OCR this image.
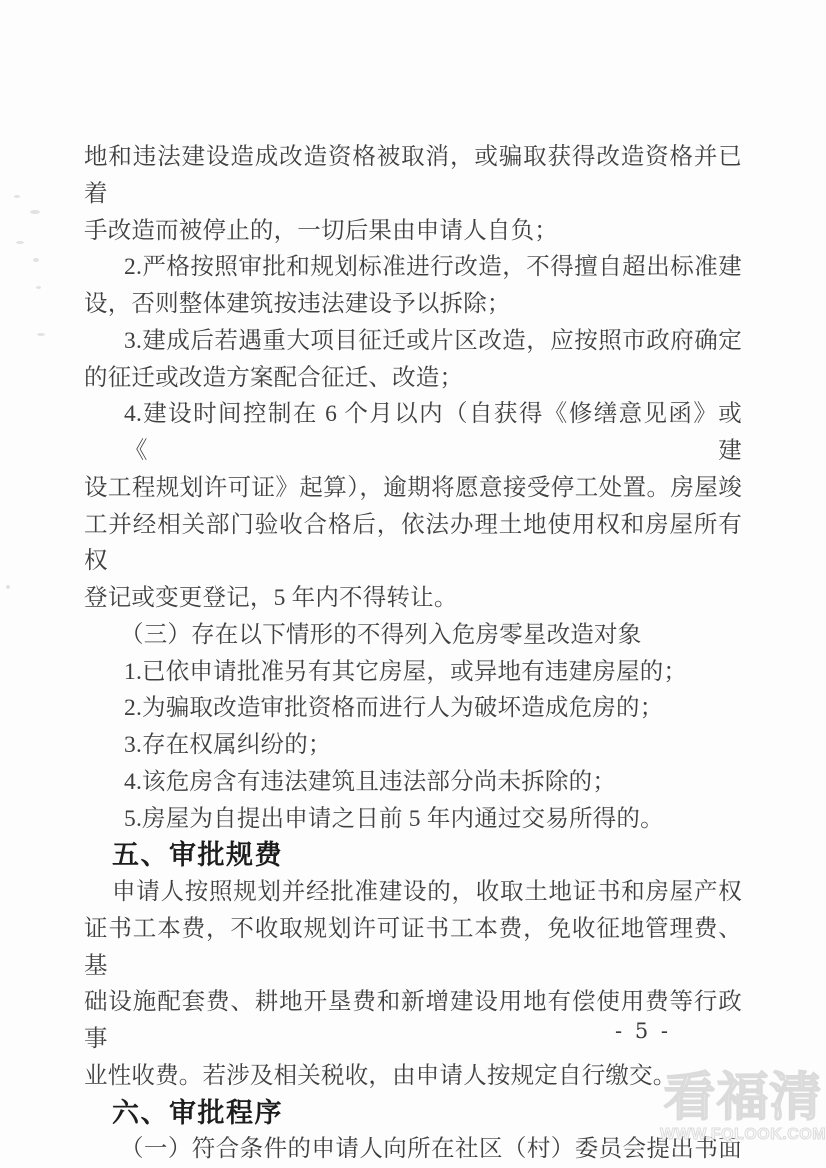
地和违法建设造成改造资格被取消，或骗取获得改造资格并已着
手改造而被停止的，一切后果由申请人自负；
2.严格按照审批和规划标准进行改造，不得擅自超出标准建
设，否则整体建筑按违法建设予以拆除；
3.建成后若遇重大项目征迁或片区改造，应按照市政府确定
的征迁或改造方案配合征迁、改造；
4.建设时间控制在 6 个月以内（自获得《修缮意见函》或《建
设工程规划许可证》起算），逾期将愿意接受停工处置。房屋竣
工并经相关部门验收合格后，依法办理土地使用权和房屋所有权
登记或变更登记，5 年内不得转让。
（三）存在以下情形的不得列入危房零星改造对象
1.已依申请批准另有其它房屋，或异地有违建房屋的；
2.为骗取改造审批资格而进行人为破坏造成危房的；
3.存在权属纠纷的；
4.该危房含有违法建筑且违法部分尚未拆除的；
5.房屋为自提出申请之日前 5 年内通过交易所得的。
五、审批规费
申请人按照规划并经批准建设的，收取土地证书和房屋产权
证书工本费，不收取规划许可证书工本费，免收征地管理费、基
础设施配套费、耕地开垦费和新增建设用地有偿使用费等行政事
业性收费。若涉及相关税收，由申请人按规定自行缴交。
六、审批程序
（一）符合条件的申请人向所在社区（村）委员会提出书面
- 5 -
看福清
WWW.FQLOOK.COM
